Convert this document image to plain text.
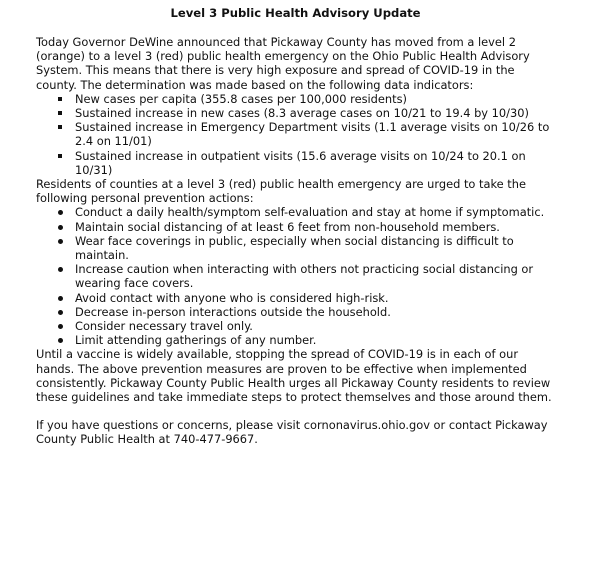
Level 3 Public Health Advisory Update

Today Governor DeWine announced that Pickaway County has moved from a level 2 (orange) to a level 3 (red) public health emergency on the Ohio Public Health Advisory System. This means that there is very high exposure and spread of COVID-19 in the county. The determination was made based on the following data indicators:

New cases per capita (355.8 cases per 100,000 residents)
Sustained increase in new cases (8.3 average cases on 10/21 to 19.4 by 10/30)
Sustained increase in Emergency Department visits (1.1 average visits on 10/26 to 2.4 on 11/01)
Sustained increase in outpatient visits (15.6 average visits on 10/24 to 20.1 on 10/31)

Residents of counties at a level 3 (red) public health emergency are urged to take the following personal prevention actions:

Conduct a daily health/symptom self-evaluation and stay at home if symptomatic.
Maintain social distancing of at least 6 feet from non-household members.
Wear face coverings in public, especially when social distancing is difficult to maintain.
Increase caution when interacting with others not practicing social distancing or wearing face covers.
Avoid contact with anyone who is considered high-risk.
Decrease in-person interactions outside the household.
Consider necessary travel only.
Limit attending gatherings of any number.

Until a vaccine is widely available, stopping the spread of COVID-19 is in each of our hands. The above prevention measures are proven to be effective when implemented consistently. Pickaway County Public Health urges all Pickaway County residents to review these guidelines and take immediate steps to protect themselves and those around them.

If you have questions or concerns, please visit cornonavirus.ohio.gov or contact Pickaway County Public Health at 740-477-9667.
